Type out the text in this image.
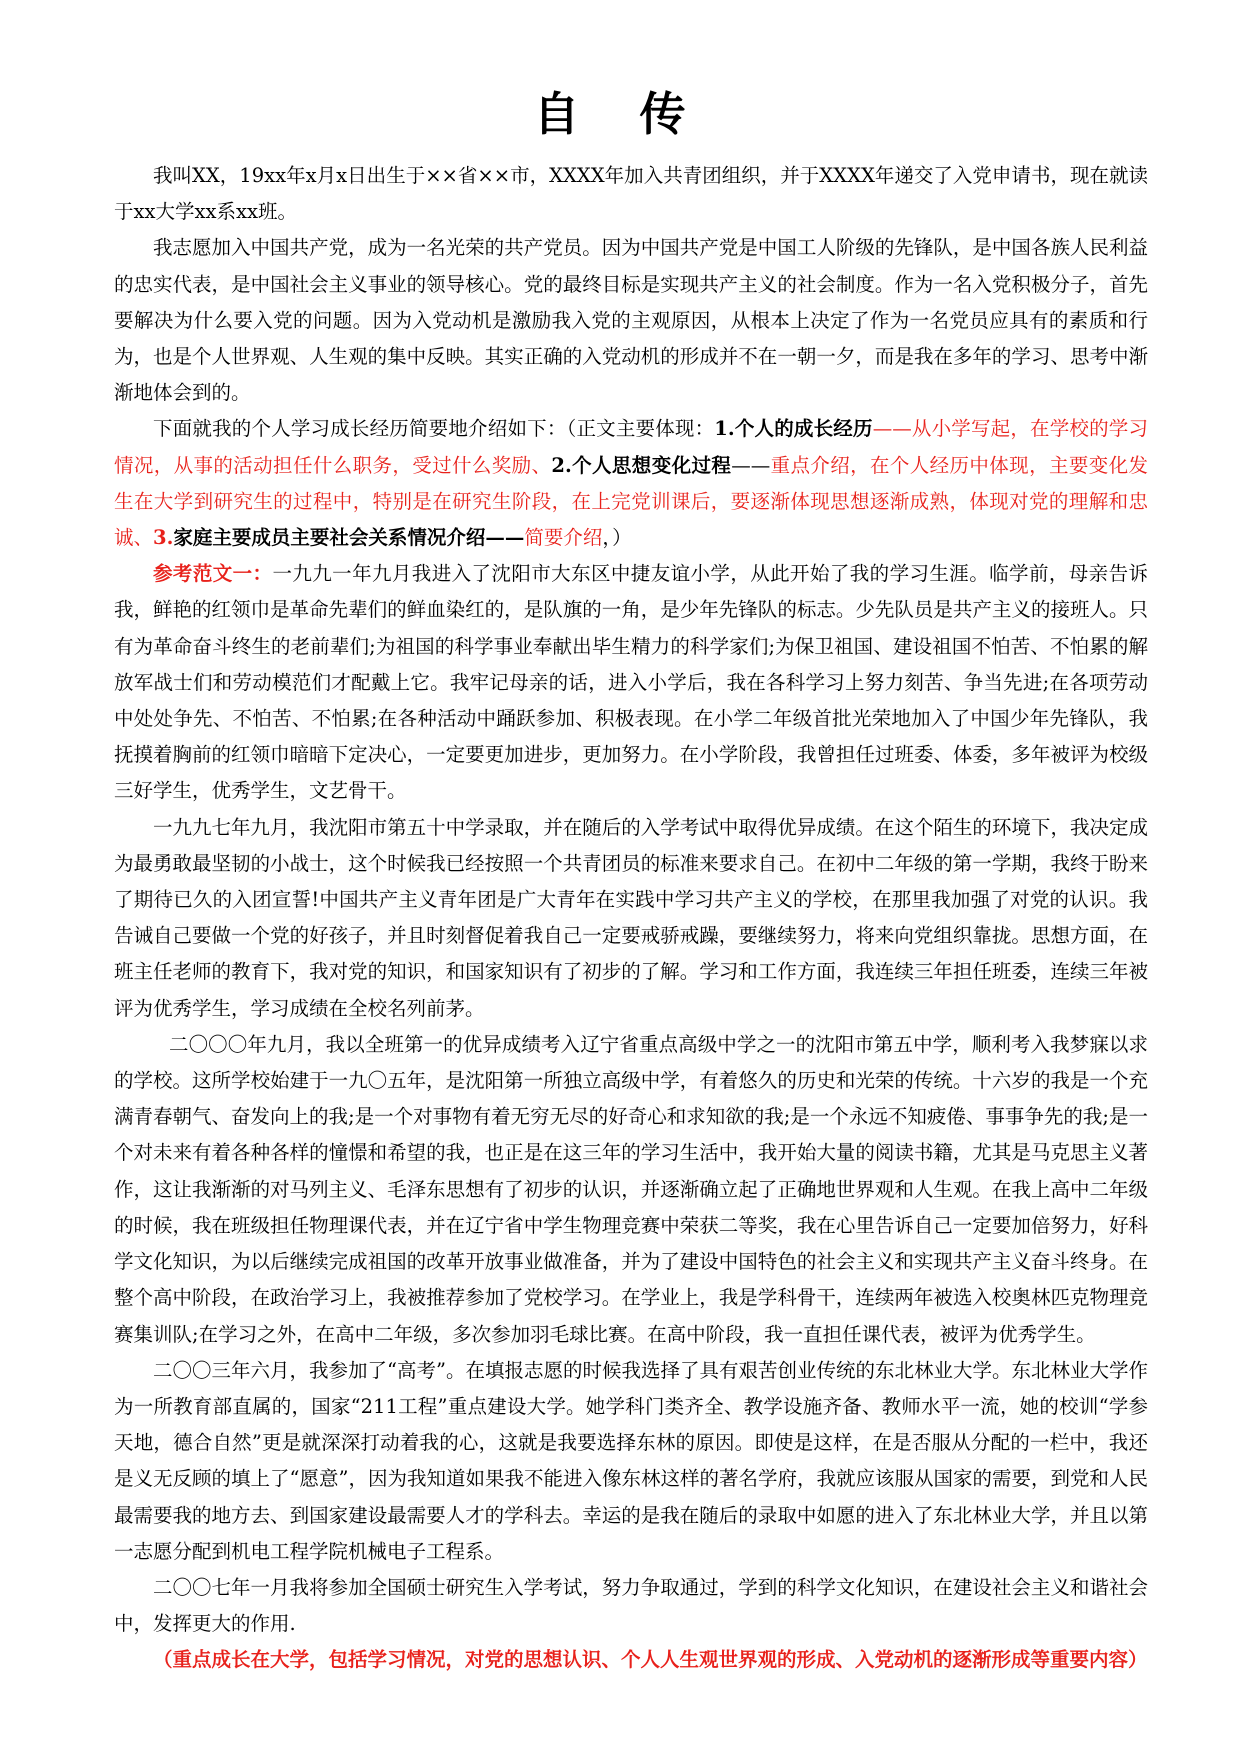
自 传

我叫XX，19xx年x月x日出生于××省××市，XXXX年加入共青团组织，并于XXXX年递交了入党申请书，现在就读于xx大学xx系xx班。

我志愿加入中国共产党，成为一名光荣的共产党员。因为中国共产党是中国工人阶级的先锋队，是中国各族人民利益的忠实代表，是中国社会主义事业的领导核心。党的最终目标是实现共产主义的社会制度。作为一名入党积极分子，首先要解决为什么要入党的问题。因为入党动机是激励我入党的主观原因，从根本上决定了作为一名党员应具有的素质和行为，也是个人世界观、人生观的集中反映。其实正确的入党动机的形成并不在一朝一夕，而是我在多年的学习、思考中渐渐地体会到的。

下面就我的个人学习成长经历简要地介绍如下：（正文主要体现：1.个人的成长经历——从小学写起，在学校的学习情况，从事的活动担任什么职务，受过什么奖励、2.个人思想变化过程——重点介绍，在个人经历中体现，主要变化发生在大学到研究生的过程中，特别是在研究生阶段，在上完党训课后，要逐渐体现思想逐渐成熟，体现对党的理解和忠诚、3.家庭主要成员主要社会关系情况介绍——简要介绍，）

参考范文一：一九九一年九月我进入了沈阳市大东区中捷友谊小学，从此开始了我的学习生涯。临学前，母亲告诉我，鲜艳的红领巾是革命先辈们的鲜血染红的，是队旗的一角，是少年先锋队的标志。少先队员是共产主义的接班人。只有为革命奋斗终生的老前辈们;为祖国的科学事业奉献出毕生精力的科学家们;为保卫祖国、建设祖国不怕苦、不怕累的解放军战士们和劳动模范们才配戴上它。我牢记母亲的话，进入小学后，我在各科学习上努力刻苦、争当先进;在各项劳动中处处争先、不怕苦、不怕累;在各种活动中踊跃参加、积极表现。在小学二年级首批光荣地加入了中国少年先锋队，我抚摸着胸前的红领巾暗暗下定决心，一定要更加进步，更加努力。在小学阶段，我曾担任过班委、体委，多年被评为校级三好学生，优秀学生，文艺骨干。

一九九七年九月，我沈阳市第五十中学录取，并在随后的入学考试中取得优异成绩。在这个陌生的环境下，我决定成为最勇敢最坚韧的小战士，这个时候我已经按照一个共青团员的标准来要求自己。在初中二年级的第一学期，我终于盼来了期待已久的入团宣誓!中国共产主义青年团是广大青年在实践中学习共产主义的学校，在那里我加强了对党的认识。我告诫自己要做一个党的好孩子，并且时刻督促着我自己一定要戒骄戒躁，要继续努力，将来向党组织靠拢。思想方面，在班主任老师的教育下，我对党的知识，和国家知识有了初步的了解。学习和工作方面，我连续三年担任班委，连续三年被评为优秀学生，学习成绩在全校名列前茅。

二〇〇〇年九月，我以全班第一的优异成绩考入辽宁省重点高级中学之一的沈阳市第五中学，顺利考入我梦寐以求的学校。这所学校始建于一九〇五年，是沈阳第一所独立高级中学，有着悠久的历史和光荣的传统。十六岁的我是一个充满青春朝气、奋发向上的我;是一个对事物有着无穷无尽的好奇心和求知欲的我;是一个永远不知疲倦、事事争先的我;是一个对未来有着各种各样的憧憬和希望的我，也正是在这三年的学习生活中，我开始大量的阅读书籍，尤其是马克思主义著作，这让我渐渐的对马列主义、毛泽东思想有了初步的认识，并逐渐确立起了正确地世界观和人生观。在我上高中二年级的时候，我在班级担任物理课代表，并在辽宁省中学生物理竞赛中荣获二等奖，我在心里告诉自己一定要加倍努力，好科学文化知识，为以后继续完成祖国的改革开放事业做准备，并为了建设中国特色的社会主义和实现共产主义奋斗终身。在整个高中阶段，在政治学习上，我被推荐参加了党校学习。在学业上，我是学科骨干，连续两年被选入校奥林匹克物理竞赛集训队;在学习之外，在高中二年级，多次参加羽毛球比赛。在高中阶段，我一直担任课代表，被评为优秀学生。

二〇〇三年六月，我参加了“高考”。在填报志愿的时候我选择了具有艰苦创业传统的东北林业大学。东北林业大学作为一所教育部直属的，国家“211工程”重点建设大学。她学科门类齐全、教学设施齐备、教师水平一流，她的校训“学参天地，德合自然”更是就深深打动着我的心，这就是我要选择东林的原因。即使是这样，在是否服从分配的一栏中，我还是义无反顾的填上了“愿意”，因为我知道如果我不能进入像东林这样的著名学府，我就应该服从国家的需要，到党和人民最需要我的地方去、到国家建设最需要人才的学科去。幸运的是我在随后的录取中如愿的进入了东北林业大学，并且以第一志愿分配到机电工程学院机械电子工程系。

二〇〇七年一月我将参加全国硕士研究生入学考试，努力争取通过，学到的科学文化知识，在建设社会主义和谐社会中，发挥更大的作用.

（重点成长在大学，包括学习情况，对党的思想认识、个人人生观世界观的形成、入党动机的逐渐形成等重要内容）
